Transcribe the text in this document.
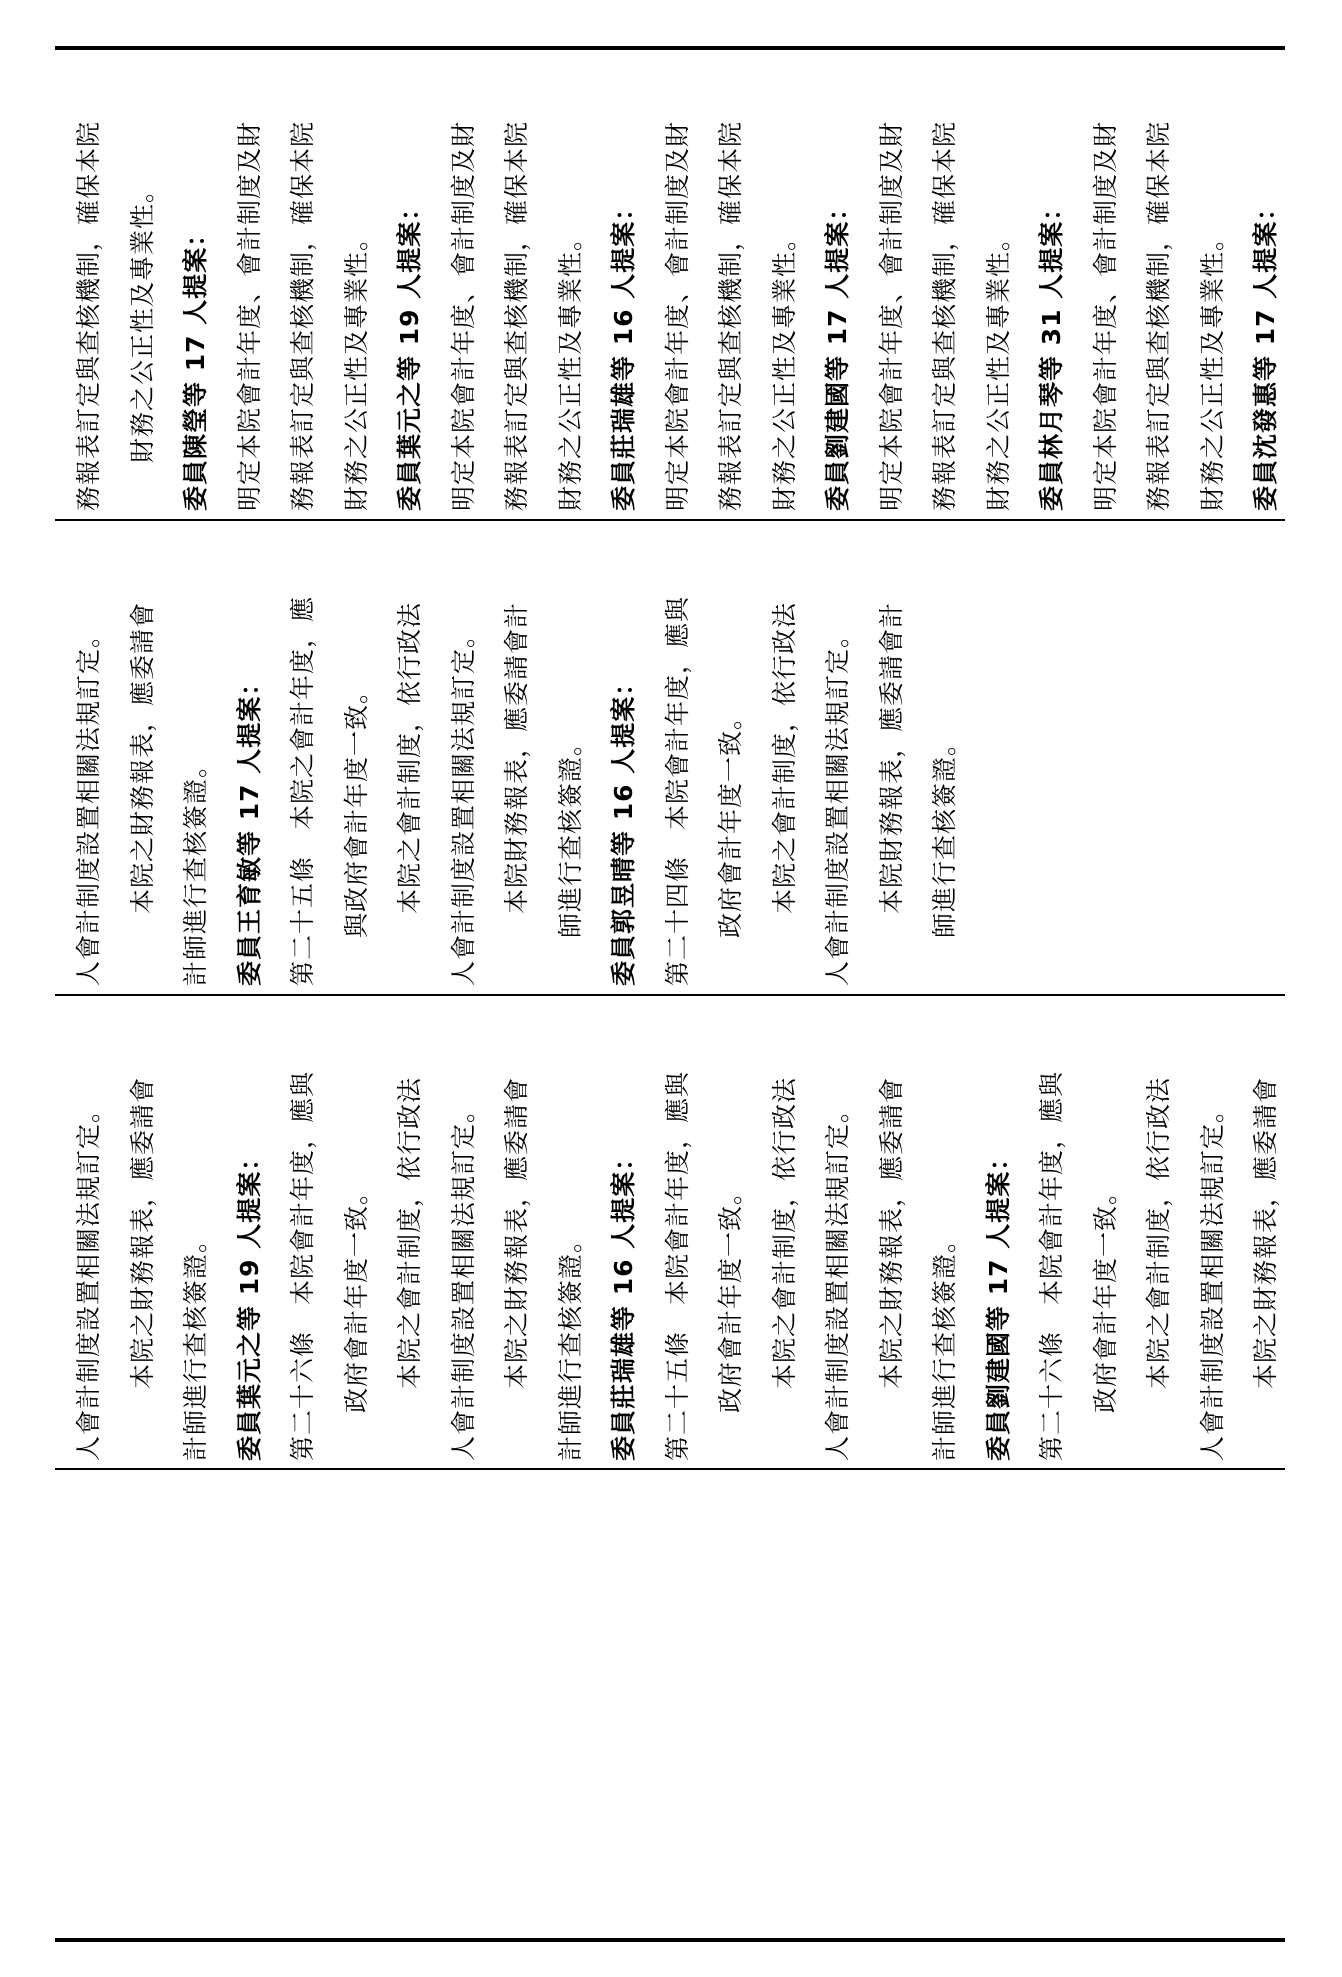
人會計制度設置相關法規訂定。 本院之財務報表，應委請會 計師進行查核簽證。 委員葉元之等 19 人提案： 第二十六條　本院會計年度，應與 政府會計年度一致。 本院之會計制度，依行政法 人會計制度設置相關法規訂定。 本院之財務報表，應委請會 計師進行查核簽證。 委員莊瑞雄等 16 人提案： 第二十五條　本院會計年度，應與 政府會計年度一致。 本院之會計制度，依行政法 人會計制度設置相關法規訂定。 本院之財務報表，應委請會 計師進行查核簽證。 委員劉建國等 17 人提案： 第二十六條　本院會計年度，應與 政府會計年度一致。 本院之會計制度，依行政法 人會計制度設置相關法規訂定。 本院之財務報表，應委請會
人會計制度設置相關法規訂定。 本院之財務報表，應委請會 計師進行查核簽證。 委員王育敏等 17 人提案： 第二十五條　本院之會計年度，應 與政府會計年度一致。 本院之會計制度，依行政法 人會計制度設置相關法規訂定。 本院財務報表，應委請會計 師進行查核簽證。 委員郭昱晴等 16 人提案： 第二十四條　本院會計年度，應與 政府會計年度一致。 本院之會計制度，依行政法 人會計制度設置相關法規訂定。 本院財務報表，應委請會計 師進行查核簽證。
務報表訂定與查核機制，確保本院 財務之公正性及專業性。 委員陳瑩等 17 人提案： 明定本院會計年度、會計制度及財 務報表訂定與查核機制，確保本院 財務之公正性及專業性。 委員葉元之等 19 人提案： 明定本院會計年度、會計制度及財 務報表訂定與查核機制，確保本院 財務之公正性及專業性。 委員莊瑞雄等 16 人提案： 明定本院會計年度、會計制度及財 務報表訂定與查核機制，確保本院 財務之公正性及專業性。 委員劉建國等 17 人提案： 明定本院會計年度、會計制度及財 務報表訂定與查核機制，確保本院 財務之公正性及專業性。 委員林月琴等 31 人提案： 明定本院會計年度、會計制度及財 務報表訂定與查核機制，確保本院 財務之公正性及專業性。 委員沈發惠等 17 人提案：
